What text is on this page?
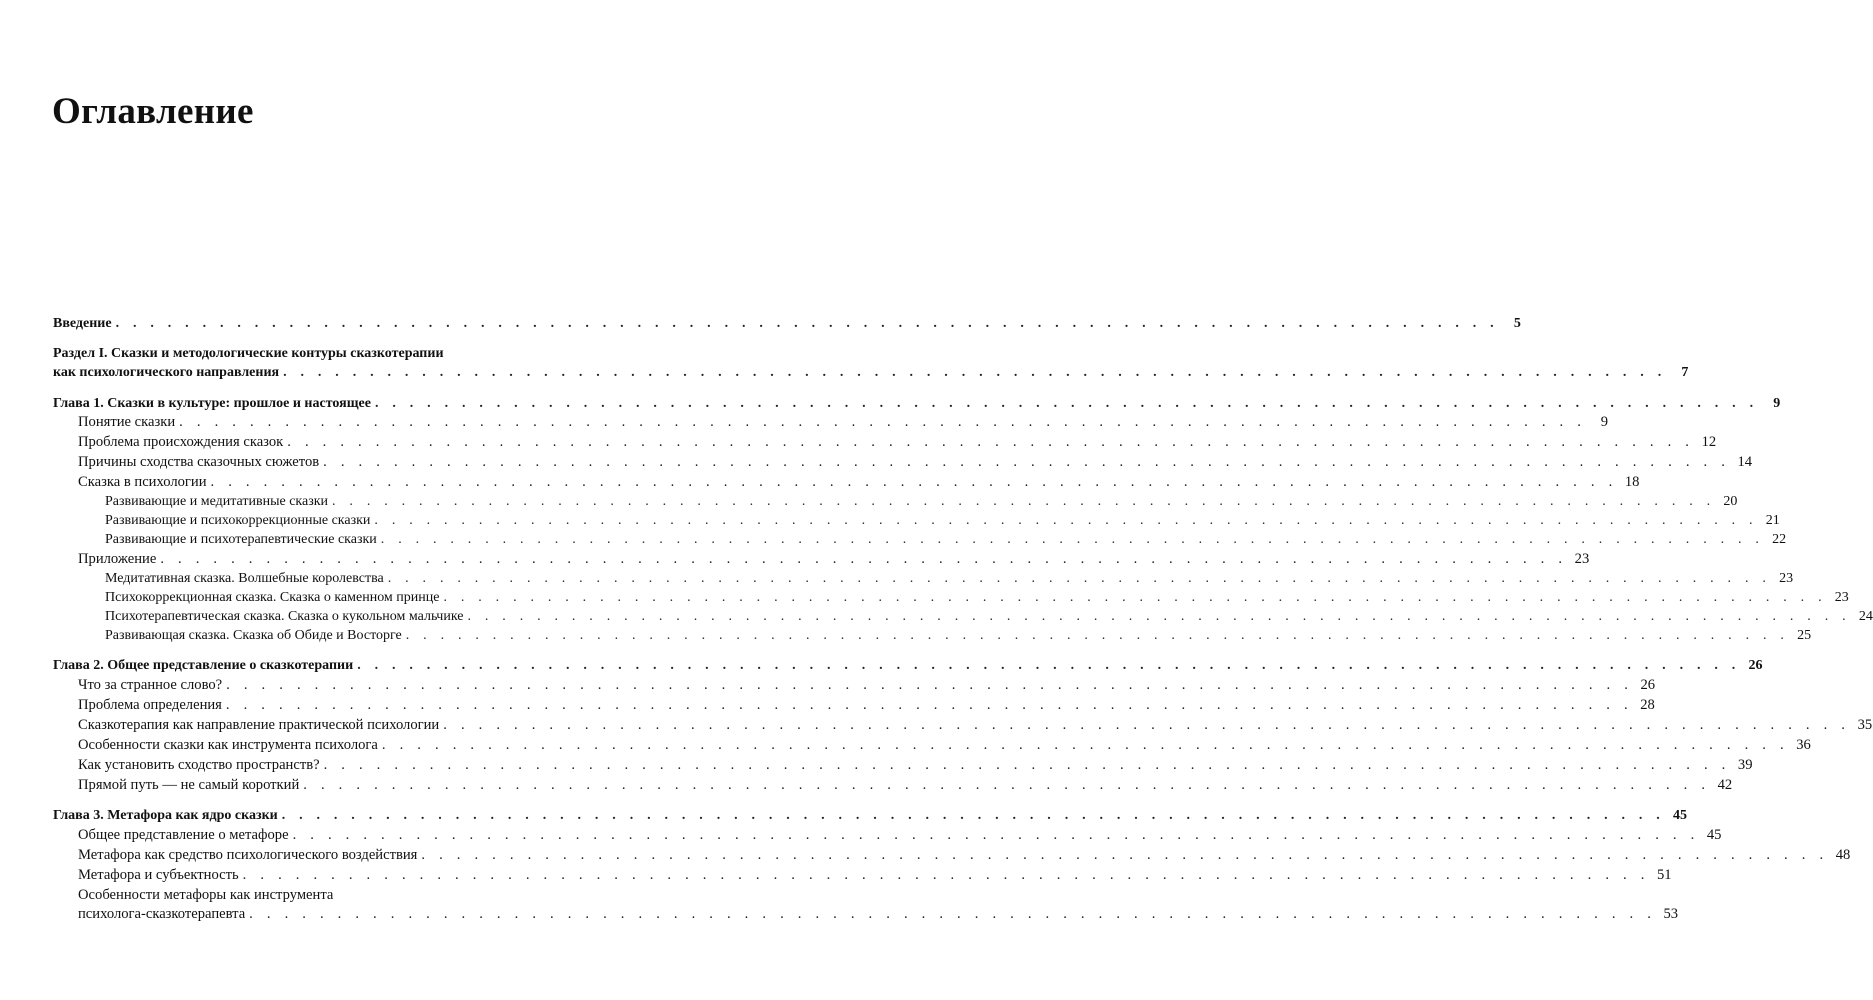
Оглавление
Введение . . .	5
Раздел I. Сказки и методологические контуры сказкотерапии
как психологического направления . . .	7
Глава 1. Сказки в культуре: прошлое и настоящее . . .	9
Понятие сказки . . .	9
Проблема происхождения сказок . . .	12
Причины сходства сказочных сюжетов . . .	14
Сказка в психологии . . .	18
Развивающие и медитативные сказки . . .	20
Развивающие и психокоррекционные сказки . . .	21
Развивающие и психотерапевтические сказки . . .	22
Приложение . . .	23
Медитативная сказка. Волшебные королевства . . .	23
Психокоррекционная сказка. Сказка о каменном принце . . .	23
Психотерапевтическая сказка. Сказка о кукольном мальчике . . .	24
Развивающая сказка. Сказка об Обиде и Восторге . . .	25
Глава 2. Общее представление о сказкотерапии . . .	26
Что за странное слово? . . .	26
Проблема определения . . .	28
Сказкотерапия как направление практической психологии . . .	35
Особенности сказки как инструмента психолога . . .	36
Как установить сходство пространств? . . .	39
Прямой путь — не самый короткий . . .	42
Глава 3. Метафора как ядро сказки . . .	45
Общее представление о метафоре . . .	45
Метафора как средство психологического воздействия . . .	48
Метафора и субъектность . . .	51
Особенности метафоры как инструмента
психолога-сказкотерапевта . . .	53
